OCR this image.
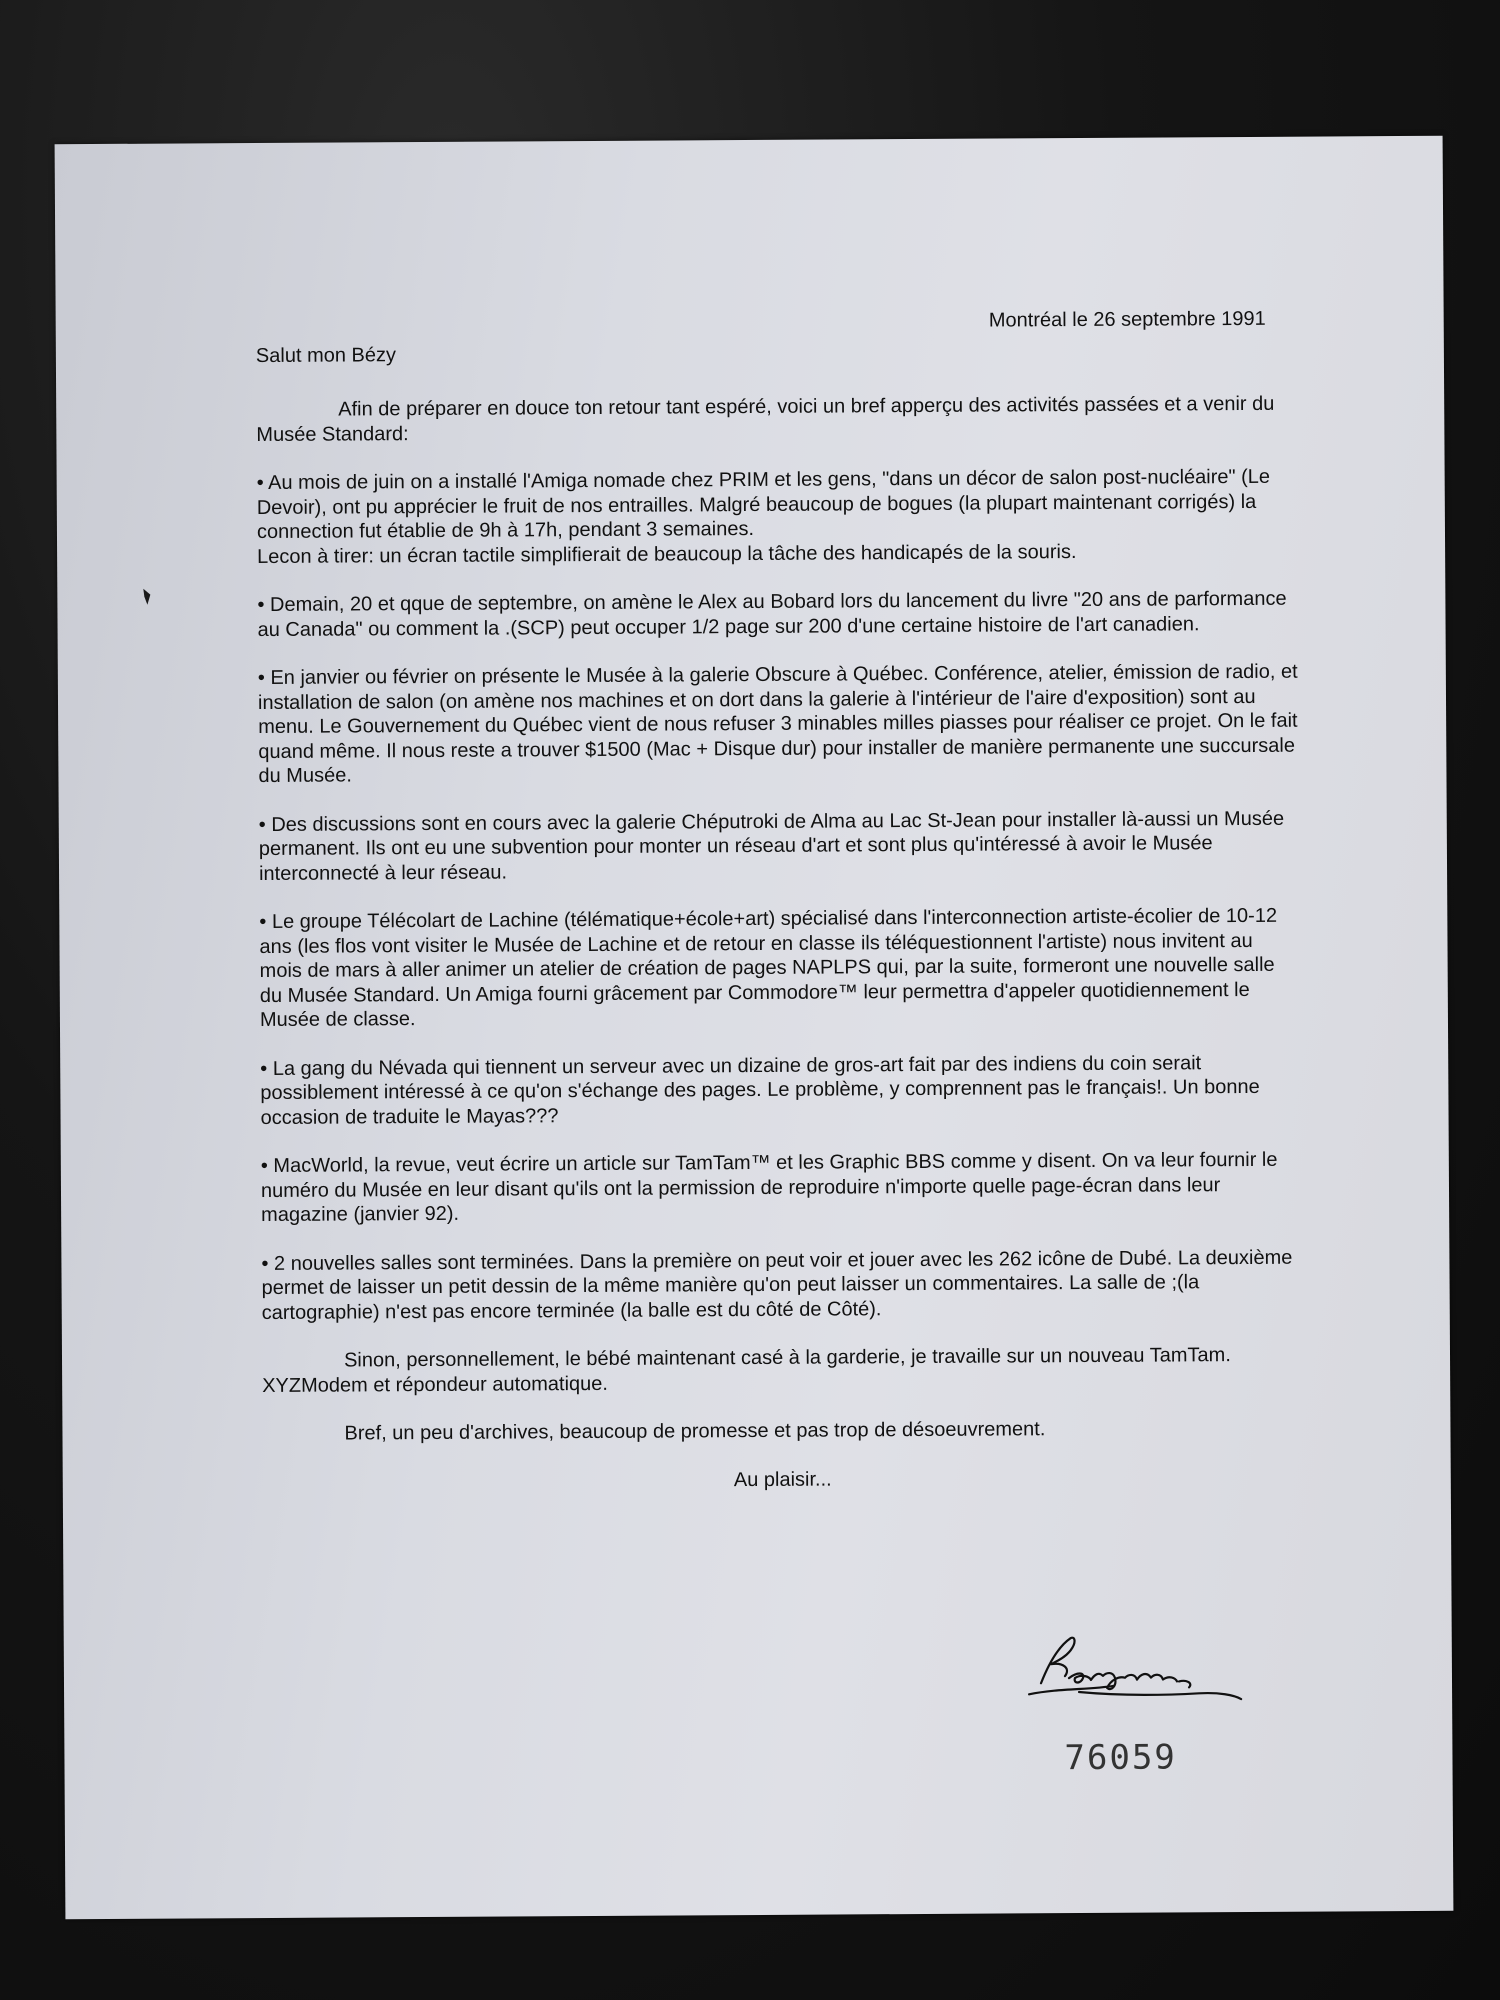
Montréal le 26 septembre 1991

Salut mon Bézy

Afin de préparer en douce ton retour tant espéré, voici un bref apperçu des activités passées et a venir du Musée Standard:

• Au mois de juin on a installé l'Amiga nomade chez PRIM et les gens, "dans un décor de salon post-nucléaire" (Le Devoir), ont pu apprécier le fruit de nos entrailles. Malgré beaucoup de bogues (la plupart maintenant corrigés) la connection fut établie de 9h à 17h, pendant 3 semaines.
Lecon à tirer: un écran tactile simplifierait de beaucoup la tâche des handicapés de la souris.

• Demain, 20 et qque de septembre, on amène le Alex au Bobard lors du lancement du livre "20 ans de parformance au Canada" ou comment la .(SCP) peut occuper 1/2 page sur 200 d'une certaine histoire de l'art canadien.

• En janvier ou février on présente le Musée à la galerie Obscure à Québec. Conférence, atelier, émission de radio, et installation de salon (on amène nos machines et on dort dans la galerie à l'intérieur de l'aire d'exposition) sont au menu. Le Gouvernement du Québec vient de nous refuser 3 minables milles piasses pour réaliser ce projet. On le fait quand même. Il nous reste a trouver $1500 (Mac + Disque dur) pour installer de manière permanente une succursale du Musée.

• Des discussions sont en cours avec la galerie Chéputroki de Alma au Lac St-Jean pour installer là-aussi un Musée permanent. Ils ont eu une subvention pour monter un réseau d'art et sont plus qu'intéressé à avoir le Musée interconnecté à leur réseau.

• Le groupe Télécolart de Lachine (télématique+école+art) spécialisé dans l'interconnection artiste-écolier de 10-12 ans (les flos vont visiter le Musée de Lachine et de retour en classe ils téléquestionnent l'artiste) nous invitent au mois de mars à aller animer un atelier de création de pages NAPLPS qui, par la suite, formeront une nouvelle salle du Musée Standard. Un Amiga fourni grâcement par Commodore™ leur permettra d'appeler quotidiennement le Musée de classe.

• La gang du Névada qui tiennent un serveur avec un dizaine de gros-art fait par des indiens du coin serait possiblement intéressé à ce qu'on s'échange des pages. Le problème, y comprennent pas le français!. Un bonne occasion de traduite le Mayas???

• MacWorld, la revue, veut écrire un article sur TamTam™ et les Graphic BBS comme y disent. On va leur fournir le numéro du Musée en leur disant qu'ils ont la permission de reproduire n'importe quelle page-écran dans leur magazine (janvier 92).

• 2 nouvelles salles sont terminées. Dans la première on peut voir et jouer avec les 262 icône de Dubé. La deuxième permet de laisser un petit dessin de la même manière qu'on peut laisser un commentaires. La salle de ;(la cartographie) n'est pas encore terminée (la balle est du côté de Côté).

Sinon, personnellement, le bébé maintenant casé à la garderie, je travaille sur un nouveau TamTam. XYZModem et répondeur automatique.

Bref, un peu d'archives, beaucoup de promesse et pas trop de désoeuvrement.

Au plaisir...

76059
